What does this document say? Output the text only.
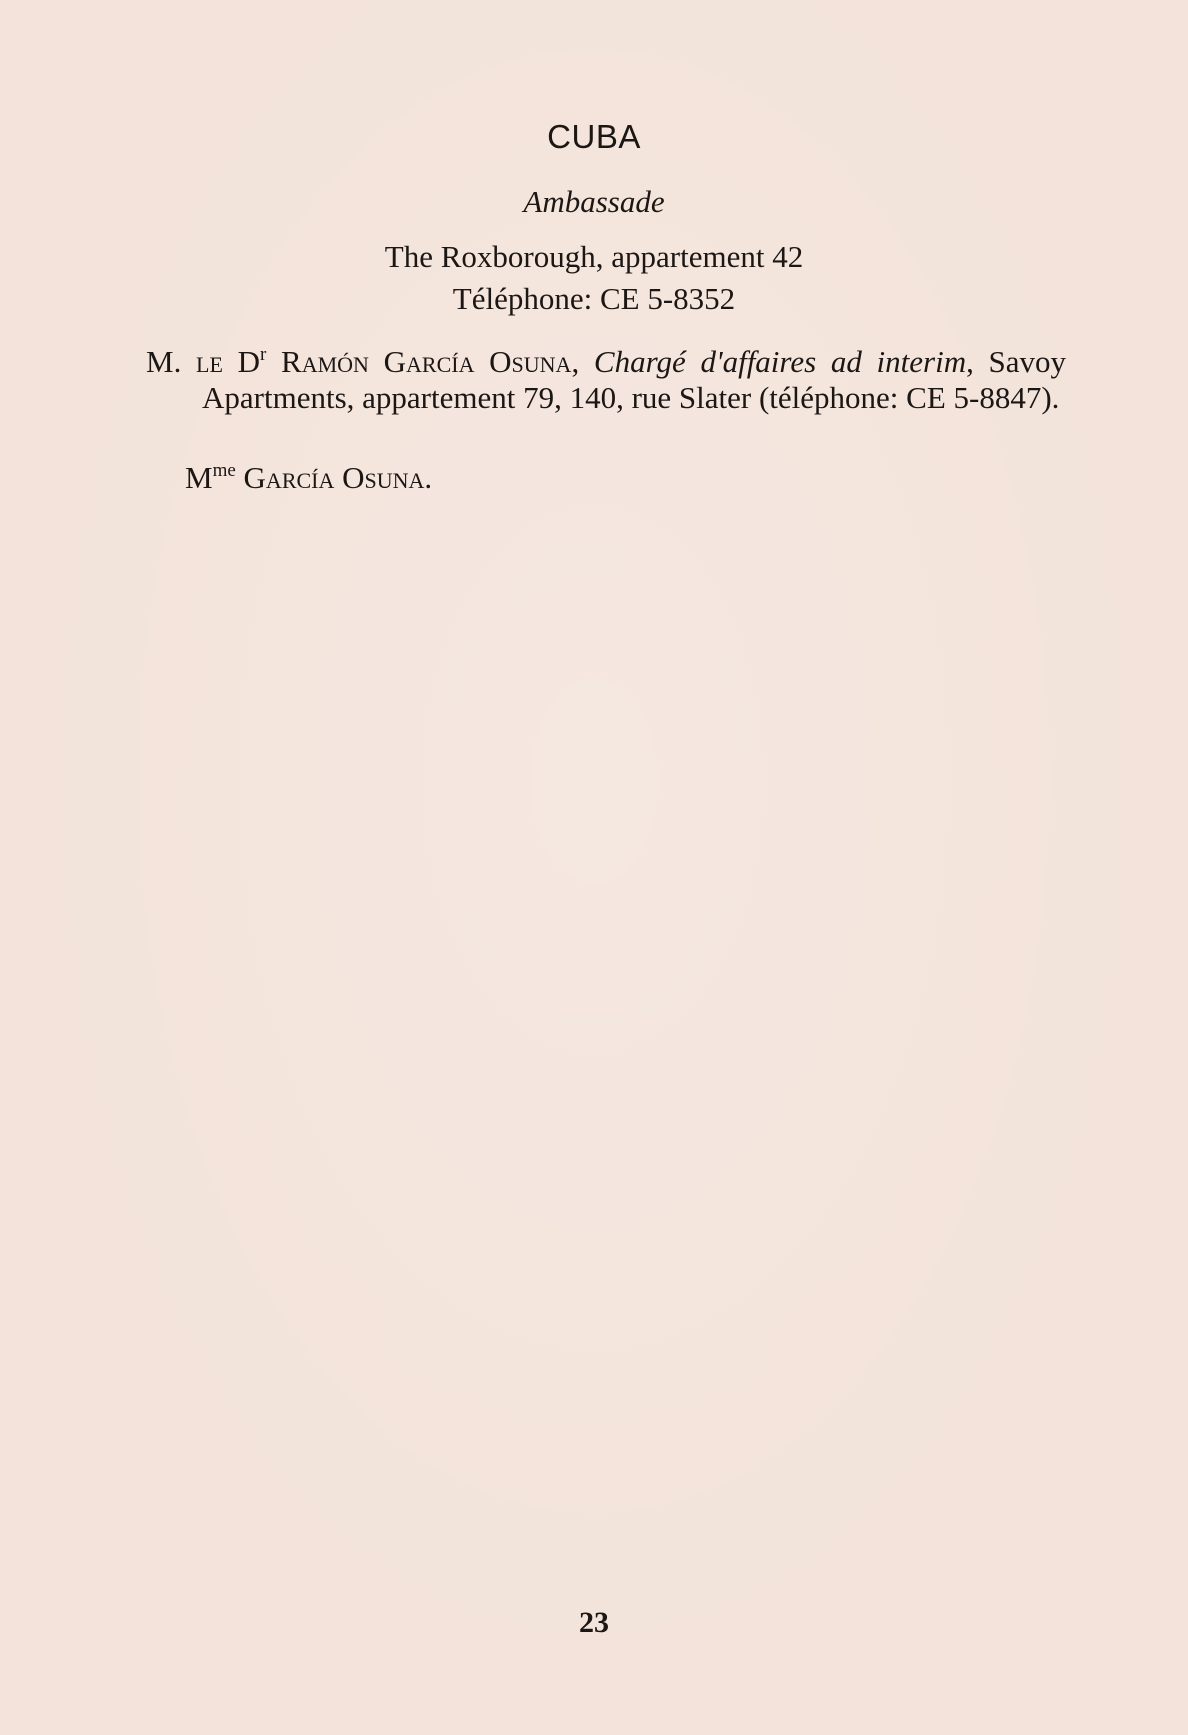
CUBA
Ambassade
The Roxborough, appartement 42
Téléphone: CE 5-8352

M. le $D^r$ Ramón García Osuna, Chargé d'affaires ad interim, Savoy Apartments, appartement 79, 140, rue Slater (téléphone: CE 5-8847).

$M^{me}$ García Osuna.
23
